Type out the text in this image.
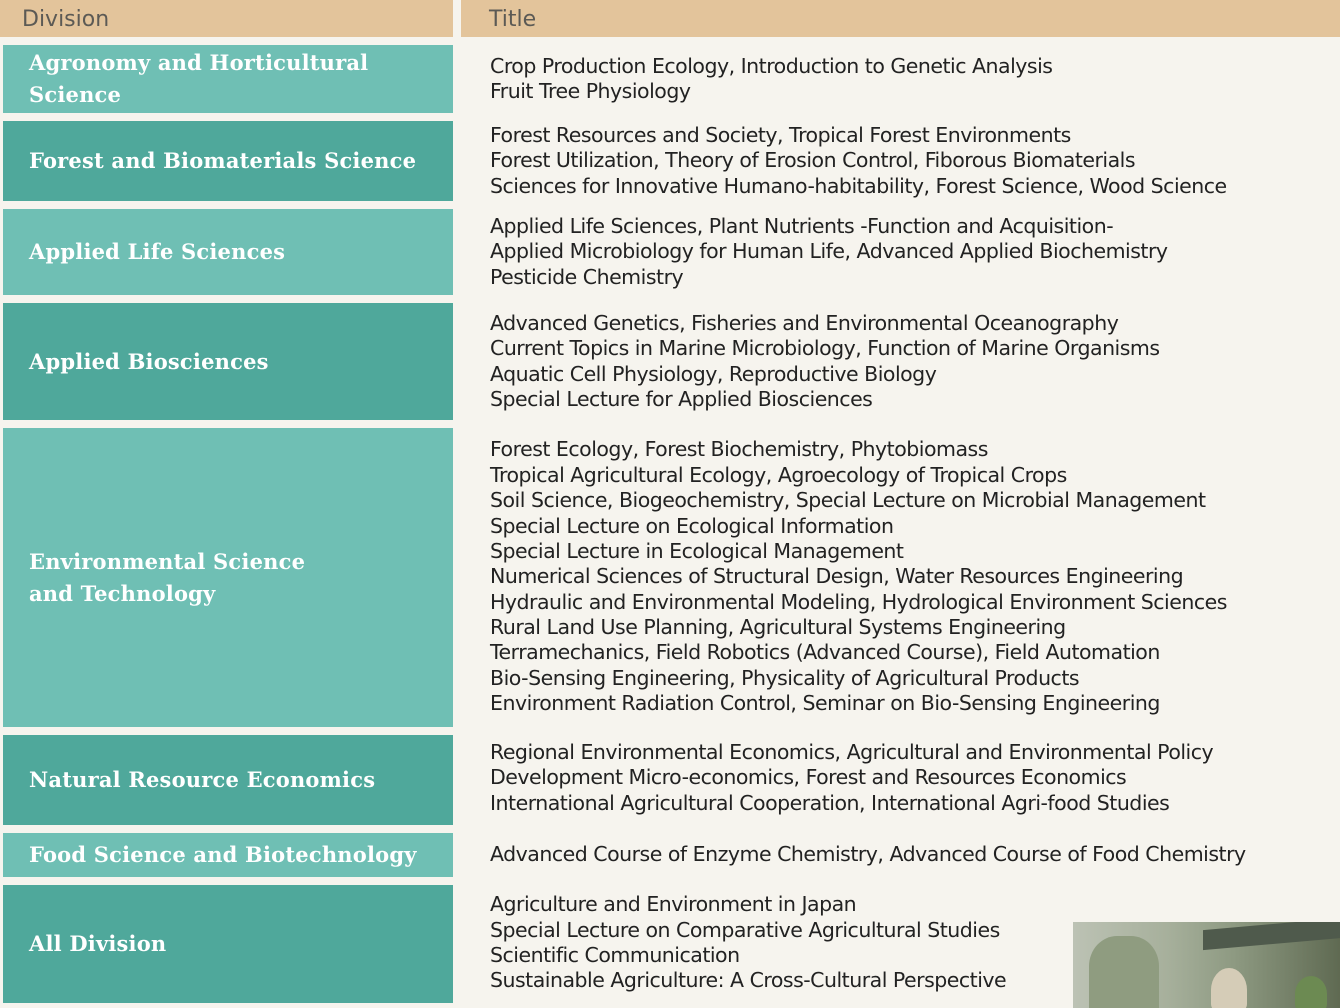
Division	Title
Agronomy and Horticultural Science
Crop Production Ecology, Introduction to Genetic Analysis
Fruit Tree Physiology
Forest and Biomaterials Science
Forest Resources and Society, Tropical Forest Environments
Forest Utilization, Theory of Erosion Control, Fiborous Biomaterials
Sciences for Innovative Humano-habitability, Forest Science, Wood Science
Applied Life Sciences
Applied Life Sciences, Plant Nutrients -Function and Acquisition-
Applied Microbiology for Human Life, Advanced Applied Biochemistry
Pesticide Chemistry
Applied Biosciences
Advanced Genetics, Fisheries and Environmental Oceanography
Current Topics in Marine Microbiology, Function of Marine Organisms
Aquatic Cell Physiology, Reproductive Biology
Special Lecture for Applied Biosciences
Environmental Science and Technology
Forest Ecology, Forest Biochemistry, Phytobiomass
Tropical Agricultural Ecology, Agroecology of Tropical Crops
Soil Science, Biogeochemistry, Special Lecture on Microbial Management
Special Lecture on Ecological Information
Special Lecture in Ecological Management
Numerical Sciences of Structural Design, Water Resources Engineering
Hydraulic and Environmental Modeling, Hydrological Environment Sciences
Rural Land Use Planning, Agricultural Systems Engineering
Terramechanics, Field Robotics (Advanced Course), Field Automation
Bio-Sensing Engineering, Physicality of Agricultural Products
Environment Radiation Control, Seminar on Bio-Sensing Engineering
Natural Resource Economics
Regional Environmental Economics, Agricultural and Environmental Policy
Development Micro-economics, Forest and Resources Economics
International Agricultural Cooperation, International Agri-food Studies
Food Science and Biotechnology	Advanced Course of Enzyme Chemistry, Advanced Course of Food Chemistry
All Division
Agriculture and Environment in Japan
Special Lecture on Comparative Agricultural Studies
Scientific Communication
Sustainable Agriculture: A Cross-Cultural Perspective
